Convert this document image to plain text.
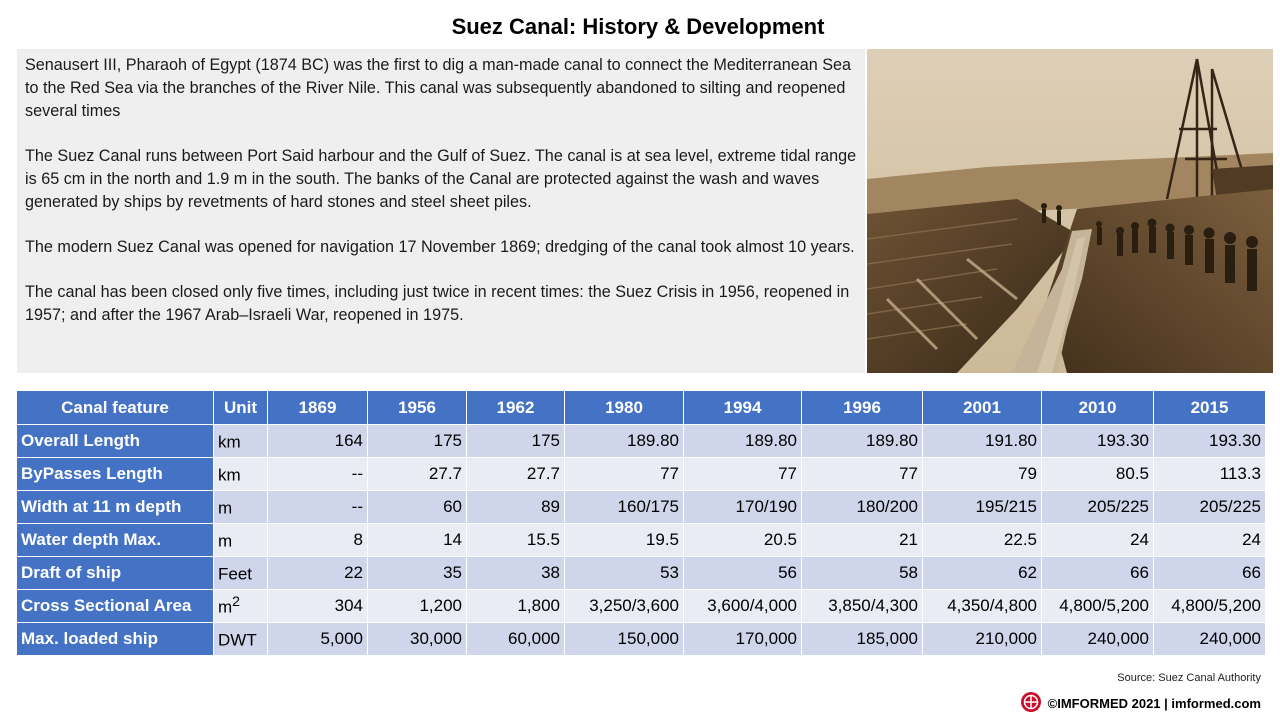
Suez Canal: History & Development

Senausert III, Pharaoh of Egypt (1874 BC) was the first to dig a man-made canal to connect the Mediterranean Sea to the Red Sea via the branches of the River Nile. This canal was subsequently abandoned to silting and reopened several times

The Suez Canal runs between Port Said harbour and the Gulf of Suez. The canal is at sea level, extreme tidal range is 65 cm in the north and 1.9 m in the south. The banks of the Canal are protected against the wash and waves generated by ships by revetments of hard stones and steel sheet piles.

The modern Suez Canal was opened for navigation 17 November 1869; dredging of the canal took almost 10 years.

The canal has been closed only five times, including just twice in recent times: the Suez Crisis in 1956, reopened in 1957; and after the 1967 Arab–Israeli War, reopened in 1975.

Canal feature	Unit	1869	1956	1962	1980	1994	1996	2001	2010	2015
Overall Length	km	164	175	175	189.80	189.80	189.80	191.80	193.30	193.30
ByPasses Length	km	--	27.7	27.7	77	77	77	79	80.5	113.3
Width at 11 m depth	m	--	60	89	160/175	170/190	180/200	195/215	205/225	205/225
Water depth Max.	m	8	14	15.5	19.5	20.5	21	22.5	24	24
Draft of ship	Feet	22	35	38	53	56	58	62	66	66
Cross Sectional Area	$m^2$	304	1,200	1,800	3,250/3,600	3,600/4,000	3,850/4,300	4,350/4,800	4,800/5,200	4,800/5,200
Max. loaded ship	DWT	5,000	30,000	60,000	150,000	170,000	185,000	210,000	240,000	240,000
Source: Suez Canal Authority
©IMFORMED 2021 | imformed.com
